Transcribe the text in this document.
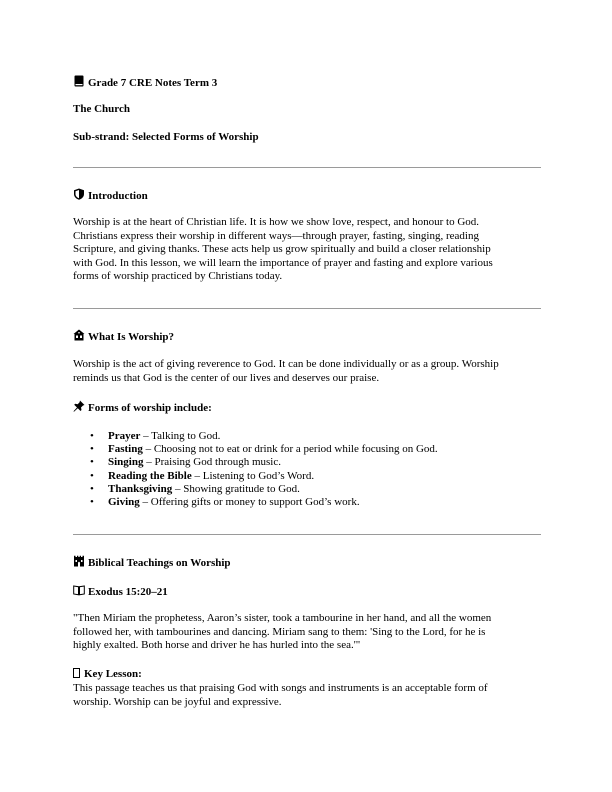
Grade 7 CRE Notes Term 3
The Church
Sub-strand: Selected Forms of Worship
Introduction
Worship is at the heart of Christian life. It is how we show love, respect, and honour to God.
Christians express their worship in different ways—through prayer, fasting, singing, reading
Scripture, and giving thanks. These acts help us grow spiritually and build a closer relationship
with God. In this lesson, we will learn the importance of prayer and fasting and explore various
forms of worship practiced by Christians today.
What Is Worship?
Worship is the act of giving reverence to God. It can be done individually or as a group. Worship
reminds us that God is the center of our lives and deserves our praise.
Forms of worship include:
• Prayer – Talking to God.
• Fasting – Choosing not to eat or drink for a period while focusing on God.
• Singing – Praising God through music.
• Reading the Bible – Listening to God’s Word.
• Thanksgiving – Showing gratitude to God.
• Giving – Offering gifts or money to support God’s work.
Biblical Teachings on Worship
Exodus 15:20–21
"Then Miriam the prophetess, Aaron’s sister, took a tambourine in her hand, and all the women
followed her, with tambourines and dancing. Miriam sang to them: 'Sing to the Lord, for he is
highly exalted. Both horse and driver he has hurled into the sea.'"
Key Lesson:
This passage teaches us that praising God with songs and instruments is an acceptable form of
worship. Worship can be joyful and expressive.
